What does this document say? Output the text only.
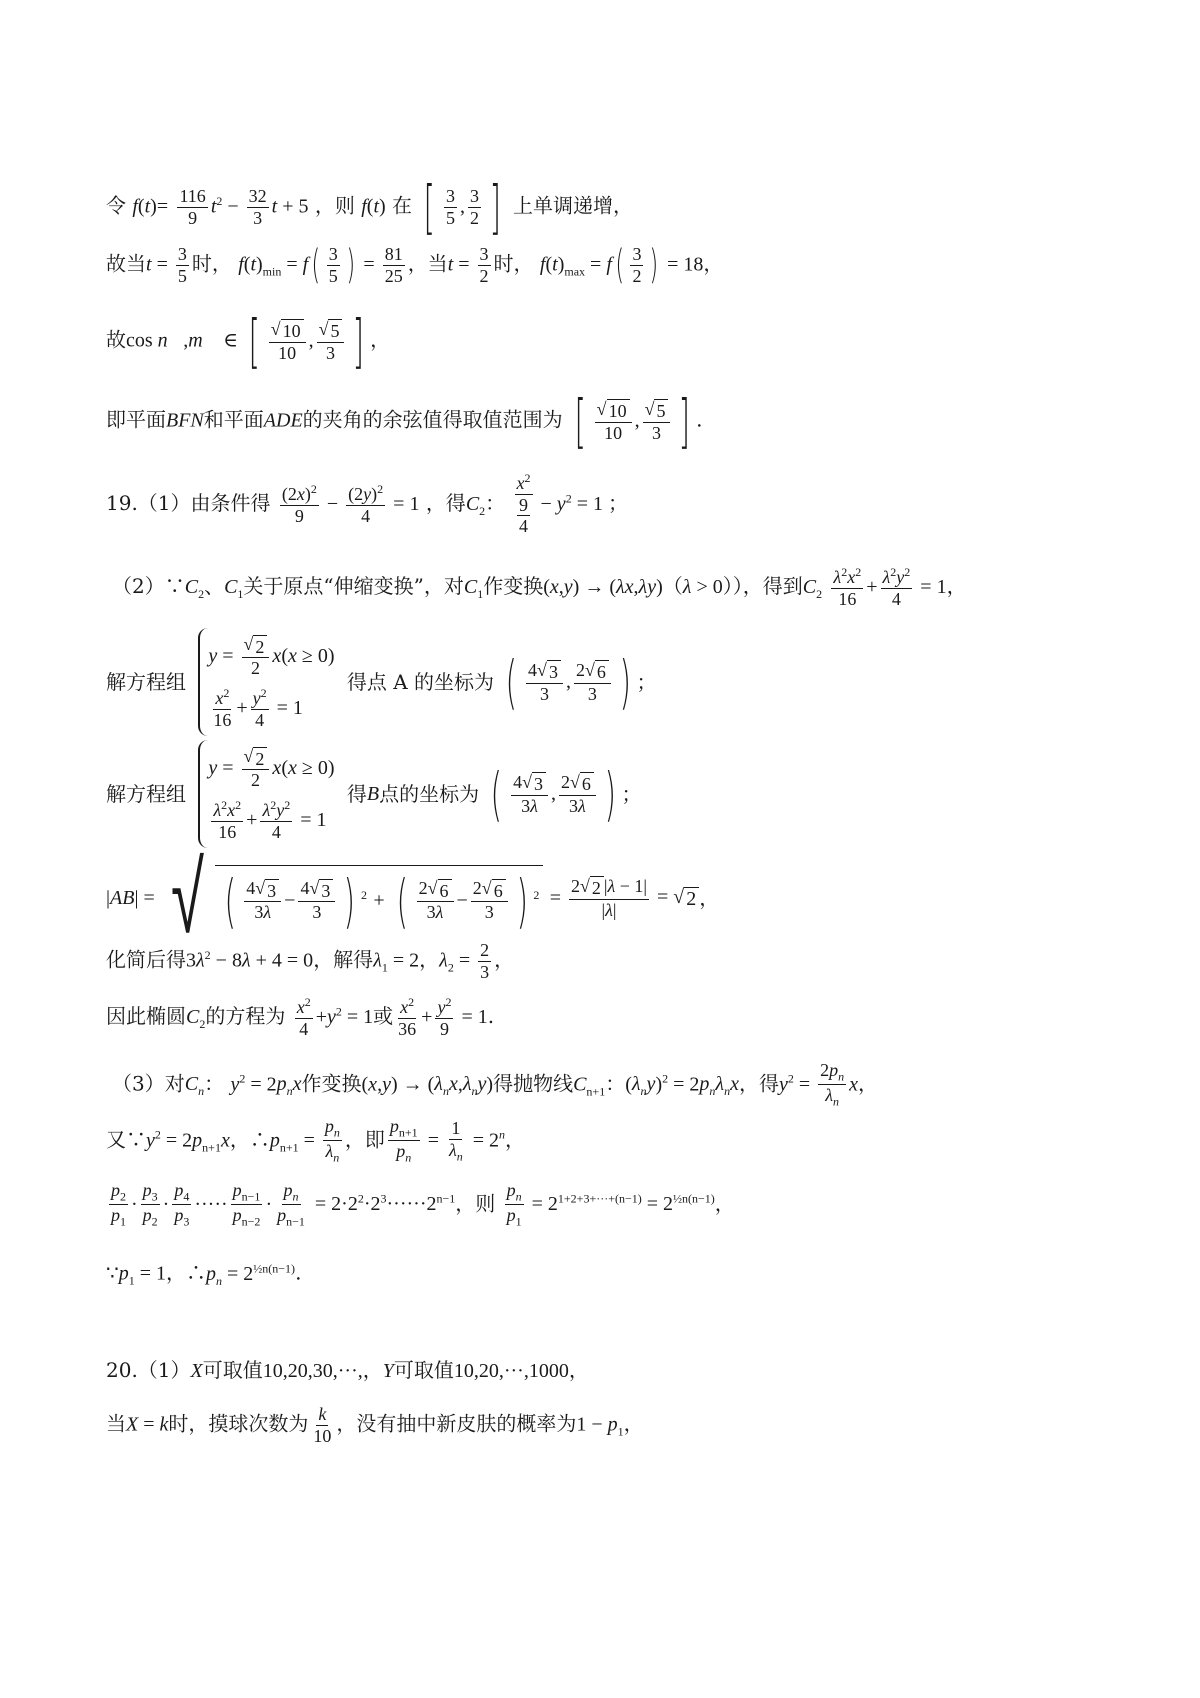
令 $f(t)= \frac{116}{9} t^2 - \frac{32}{3}$ t + 5 ，则 f(t) 在 [ $\frac{3}{5}$ , $\frac{3}{2}$ ] 上单调递增，
故当$t = \frac{3}{5}$ 时， $f(t)_{min} = f( \frac{3}{5}$ ) = $\frac{81}{25}$ ，当$t = \frac{3}{2}$ 时， $f(t)_{max} = f( \frac{3}{2}$ ) = 18，
故cos n⃗,m⃗ ∈ [ $\frac{√ 10}{10}$ , $\frac{√ 5}{3}$ ] ，
即平面BFN和平面ADE的夹角的余弦值得取值范围为 [ $\frac{√ 10}{10}$ , $\frac{√ 5}{3}$ ] .
19.（1）由条件得 $\frac{(2x)^2}{9} - \frac{(2y)^2}{4} = 1$ ，得$C_2$：
$x^2$
9
4
− $y^2 = 1$ ；
$(2)\because C_2$、$C_1$关于原点“伸缩变换”，对$C_1$作变换(x,y) → (λx,λy)（λ > 0）），得到$C_2 \frac{\lambda^2x^2}{16} + \frac{\lambda^2y^2}{4} = 1$，
解方程组
$y = \frac{√ 2}{2} x(x \ge 0)$
$\frac{x^2}{16} + \frac{y^2}{4} = 1$
得点 A 的坐标为 ( $\frac{4√ 3}{3}$ , $\frac{2√ 6}{3}$ ) ；
解方程组
$y = \frac{√ 2}{2} x(x \ge 0)$
$\frac{\lambda^2x^2}{16} + \frac{\lambda^2y^2}{4} = 1$
得B点的坐标为 ( $\frac{4√ 3}{3\lambda}$ , $\frac{2√ 6}{3\lambda}$ ) ；
|AB| = √ ( $\frac{4√ 3}{3\lambda} - \frac{4√ 3}{3}$ ) $^2$ + ( $\frac{2√ 6}{3\lambda} - \frac{2√ 6}{3}$ ) $^2 = \frac{2√ 2 |\lambda - 1|}{|\lambda|}$ = √ 2 ，
化简后得$3\lambda^2 - 8\lambda + 4 = 0$，解得$\lambda_1 = 2$，$\lambda_2 = \frac{2}{3}$ ，
因此椭圆$C_2$的方程为 $\frac{x^2}{4} +y^2 = 1$或 $\frac{x^2}{36} + \frac{y^2}{9} = 1$.
（3）对$C_n$： $y^2 = 2p_nx$作变换$(x,y) \to (\lambda_nx,\lambda_ny)$得抛物线$C_{n+1}$：$(\lambda_ny)^2 = 2p_n\lambda_nx$，得$y^2 = \frac{2p_n}{\lambda_n}$ x，
又$\because y^2 = 2p_{n+1}x$，$\therefore p_{n+1} = \frac{p_n}{\lambda_n}$ ，即 $\frac{p_{n+1}}{p_n} = \frac{1}{\lambda_n} = 2^n$，
$\frac{p_2}{p_1} \cdot \frac{p_3}{p_2} \cdot \frac{p_4}{p_3}$ ····· $\frac{p_{n-1}}{p_{n-2}} \cdot \frac{p_n}{p_{n-1}} = 2\cdot 2^2\cdot 2^3\cdot\cdot\cdot\cdot\cdot\cdot 2^{n-1}$，则 $\frac{p_n}{p_1} = 2^{1+2+3+\cdot\cdot\cdot+(n-1)} = 2^{\frac{1}{2}n(n-1)}$，
$\because p_1 = 1$，$\therefore p_n = 2^{\frac{1}{2}n(n-1)}$.
20.（1）X可取值10,20,30,···,，Y可取值10,20,···,1000，
当X = k时，摸球次数为 $\frac{k}{10}$ ，没有抽中新皮肤的概率为$1 - p_1$，
